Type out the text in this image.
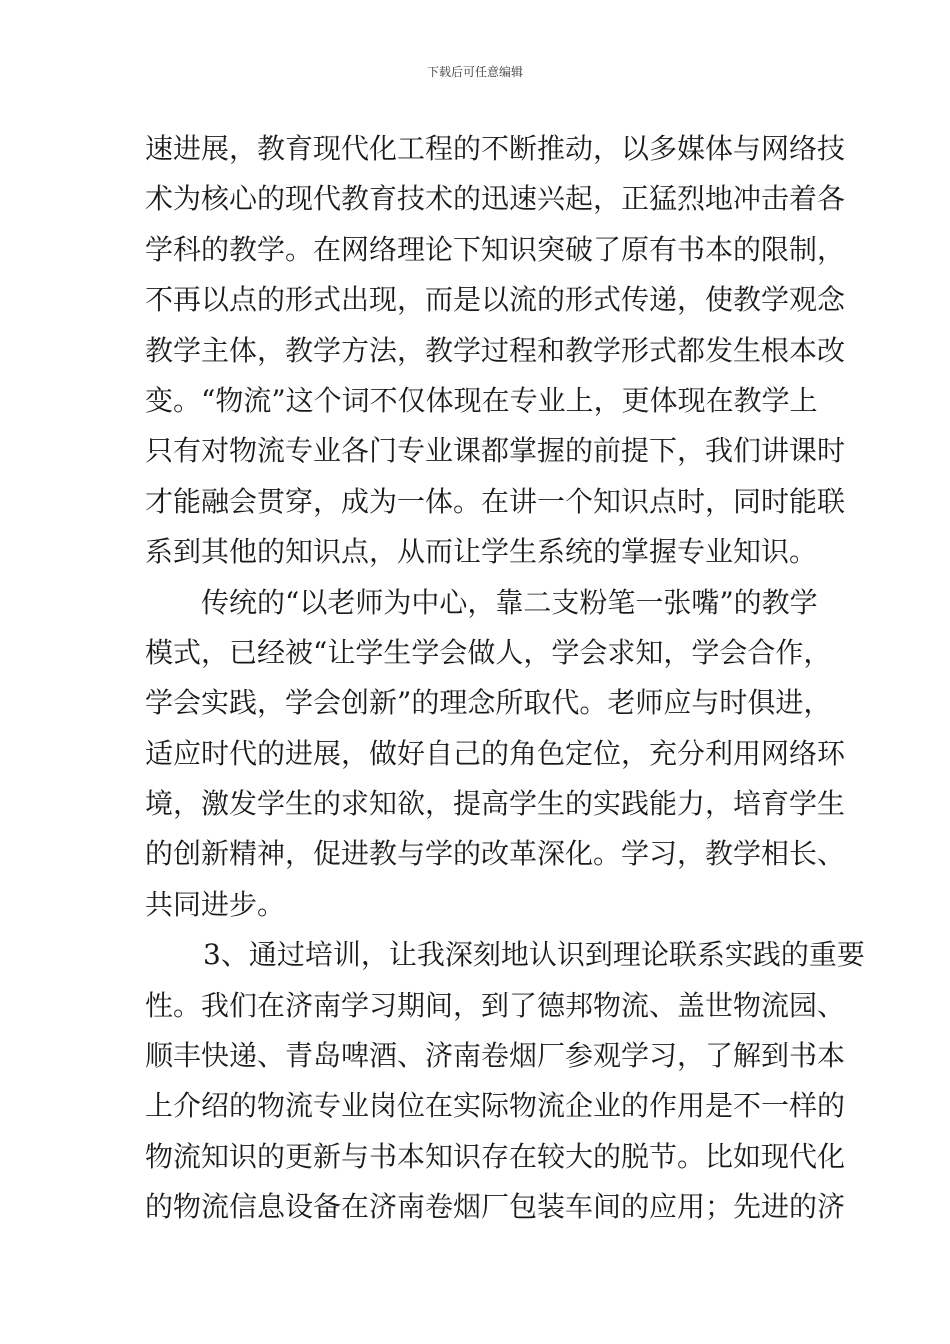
下载后可任意编辑
速进展，教育现代化工程的不断推动，以多媒体与网络技
术为核心的现代教育技术的迅速兴起，正猛烈地冲击着各
学科的教学。在网络理论下知识突破了原有书本的限制，
不再以点的形式出现，而是以流的形式传递，使教学观念
教学主体，教学方法，教学过程和教学形式都发生根本改
变。“物流”这个词不仅体现在专业上，更体现在教学上
只有对物流专业各门专业课都掌握的前提下，我们讲课时
才能融会贯穿，成为一体。在讲一个知识点时，同时能联
系到其他的知识点，从而让学生系统的掌握专业知识。
传统的“以老师为中心，靠二支粉笔一张嘴”的教学
模式，已经被“让学生学会做人，学会求知，学会合作，
学会实践，学会创新”的理念所取代。老师应与时俱进，
适应时代的进展，做好自己的角色定位，充分利用网络环
境，激发学生的求知欲，提高学生的实践能力，培育学生
的创新精神，促进教与学的改革深化。学习，教学相长、
共同进步。
3、通过培训，让我深刻地认识到理论联系实践的重要
性。我们在济南学习期间，到了德邦物流、盖世物流园、
顺丰快递、青岛啤酒、济南卷烟厂参观学习，了解到书本
上介绍的物流专业岗位在实际物流企业的作用是不一样的
物流知识的更新与书本知识存在较大的脱节。比如现代化
的物流信息设备在济南卷烟厂包装车间的应用；先进的济
